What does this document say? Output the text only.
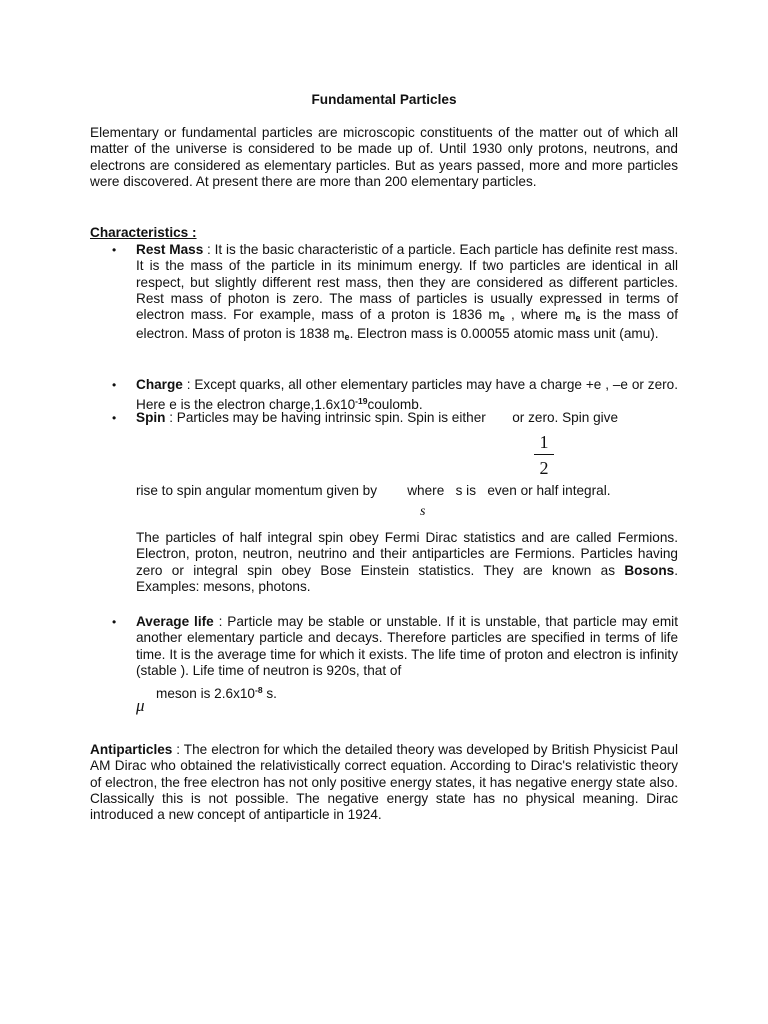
Fundamental Particles
Elementary or fundamental particles are microscopic constituents of the matter out of which all matter of the universe is considered to be made up of. Until 1930 only protons, neutrons, and electrons are considered as elementary particles. But as years passed, more and more particles were discovered. At present there are more than 200 elementary particles.
Characteristics :
• Rest Mass : It is the basic characteristic of a particle. Each particle has definite rest mass. It is the mass of the particle in its minimum energy. If two particles are identical in all respect, but slightly different rest mass, then they are considered as different particles. Rest mass of photon is zero. The mass of particles is usually expressed in terms of electron mass. For example, mass of a proton is 1836 $m_e$ , where $m_e$ is the mass of electron. Mass of proton is 1838 $m_e$. Electron mass is 0.00055 atomic mass unit (amu).
• Charge : Except quarks, all other elementary particles may have a charge +e , –e or zero. Here e is the electron $charge,1.6x10^{-19}coulomb$.
• Spin : Particles may be having intrinsic spin. Spin is either       or zero. Spin give
1
2
rise to spin angular momentum given by        where   s is   even or half integral.
s
The particles of half integral spin obey Fermi Dirac statistics and are called Fermions. Electron, proton, neutron, neutrino and their antiparticles are Fermions. Particles having zero or integral spin obey Bose Einstein statistics. They are known as Bosons. Examples: mesons, photons.
• Average life : Particle may be stable or unstable. If it is unstable, that particle may emit another elementary particle and decays. Therefore particles are specified in terms of life time. It is the average time for which it exists. The life time of proton and electron is infinity (stable ). Life time of neutron is 920s, that of
meson is $2.6x10^{-8}$ s.
μ
Antiparticles : The electron for which the detailed theory was developed by British Physicist Paul AM Dirac who obtained the relativistically correct equation. According to Dirac's relativistic theory of electron, the free electron has not only positive energy states, it has negative energy state also. Classically this is not possible. The negative energy state has no physical meaning. Dirac introduced a new concept of antiparticle in 1924.
